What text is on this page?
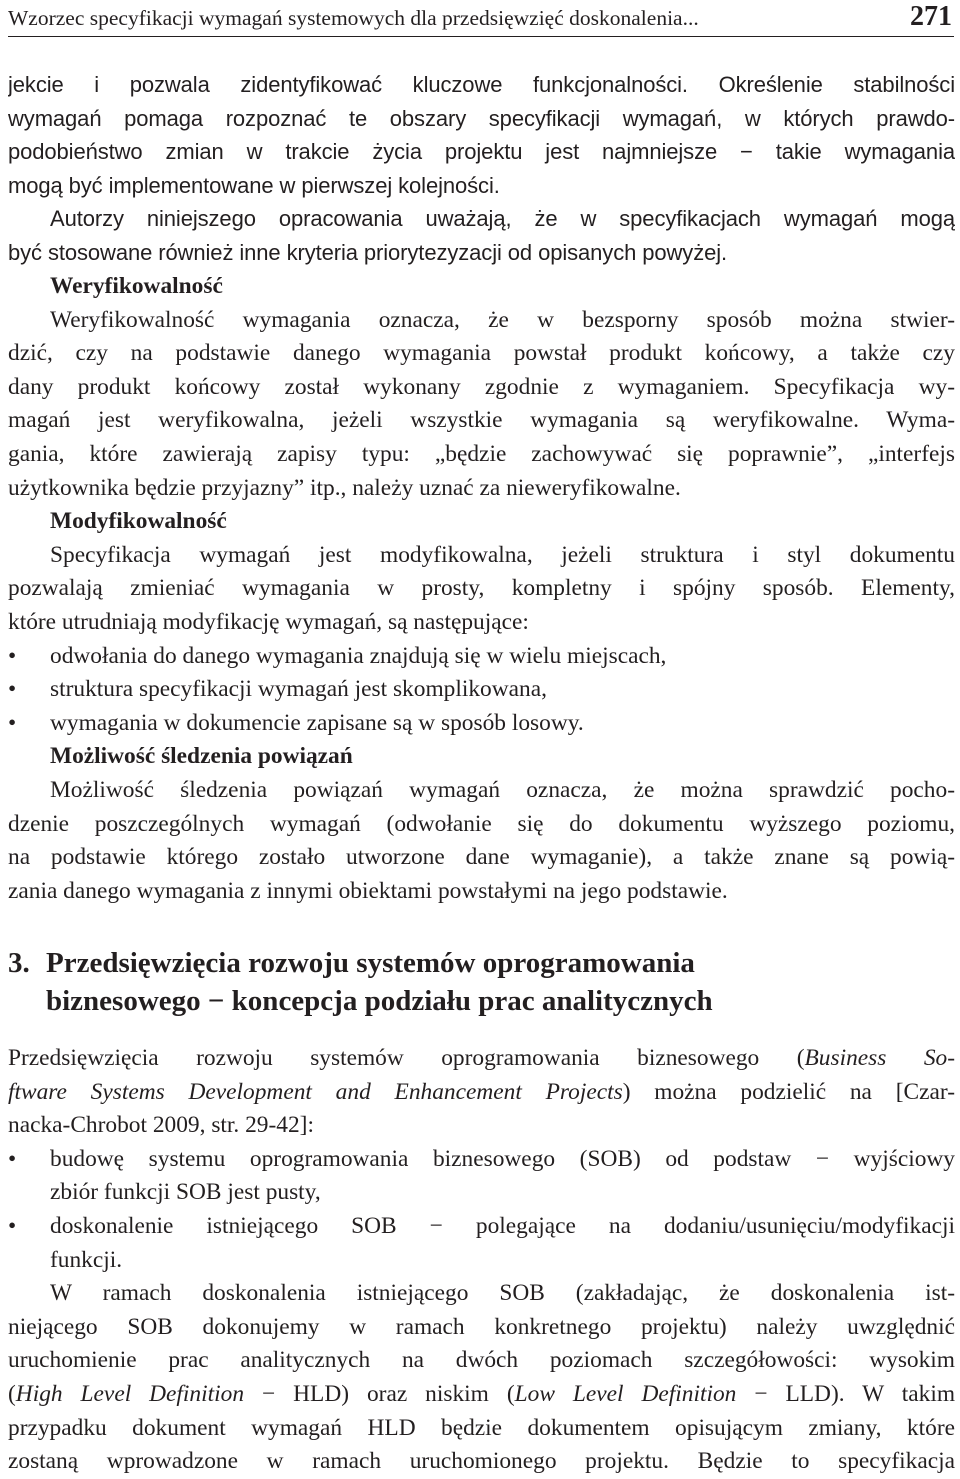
Wzorzec specyfikacji wymagań systemowych dla przedsięwzięć doskonalenia...	271
jekcie i pozwala zidentyfikować kluczowe funkcjonalności. Określenie stabilności
wymagań pomaga rozpoznać te obszary specyfikacji wymagań, w których prawdo-
podobieństwo zmian w trakcie życia projektu jest najmniejsze − takie wymagania
mogą być implementowane w pierwszej kolejności.
Autorzy niniejszego opracowania uważają, że w specyfikacjach wymagań mogą
być stosowane również inne kryteria priorytezyzacji od opisanych powyżej.
Weryfikowalność
Weryfikowalność wymagania oznacza, że w bezsporny sposób można stwier-
dzić, czy na podstawie danego wymagania powstał produkt końcowy, a także czy
dany produkt końcowy został wykonany zgodnie z wymaganiem. Specyfikacja wy-
magań jest weryfikowalna, jeżeli wszystkie wymagania są weryfikowalne. Wyma-
gania, które zawierają zapisy typu: „będzie zachowywać się poprawnie”, „interfejs
użytkownika będzie przyjazny” itp., należy uznać za nieweryfikowalne.
Modyfikowalność
Specyfikacja wymagań jest modyfikowalna, jeżeli struktura i styl dokumentu
pozwalają zmieniać wymagania w prosty, kompletny i spójny sposób. Elementy,
które utrudniają modyfikację wymagań, są następujące:
• odwołania do danego wymagania znajdują się w wielu miejscach,
• struktura specyfikacji wymagań jest skomplikowana,
• wymagania w dokumencie zapisane są w sposób losowy.
Możliwość śledzenia powiązań
Możliwość śledzenia powiązań wymagań oznacza, że można sprawdzić pocho-
dzenie poszczególnych wymagań (odwołanie się do dokumentu wyższego poziomu,
na podstawie którego zostało utworzone dane wymaganie), a także znane są powią-
zania danego wymagania z innymi obiektami powstałymi na jego podstawie.
3. Przedsięwzięcia rozwoju systemów oprogramowania
biznesowego − koncepcja podziału prac analitycznych
Przedsięwzięcia rozwoju systemów oprogramowania biznesowego (Business So-
ftware Systems Development and Enhancement Projects) można podzielić na [Czar-
nacka-Chrobot 2009, str. 29-42]:
• budowę systemu oprogramowania biznesowego (SOB) od podstaw − wyjściowy
zbiór funkcji SOB jest pusty,
• doskonalenie istniejącego SOB − polegające na dodaniu/usunięciu/modyfikacji
funkcji.
W ramach doskonalenia istniejącego SOB (zakładając, że doskonalenia ist-
niejącego SOB dokonujemy w ramach konkretnego projektu) należy uwzględnić
uruchomienie prac analitycznych na dwóch poziomach szczegółowości: wysokim
(High Level Definition − HLD) oraz niskim (Low Level Definition − LLD). W takim
przypadku dokument wymagań HLD będzie dokumentem opisującym zmiany, które
zostaną wprowadzone w ramach uruchomionego projektu. Będzie to specyfikacja
